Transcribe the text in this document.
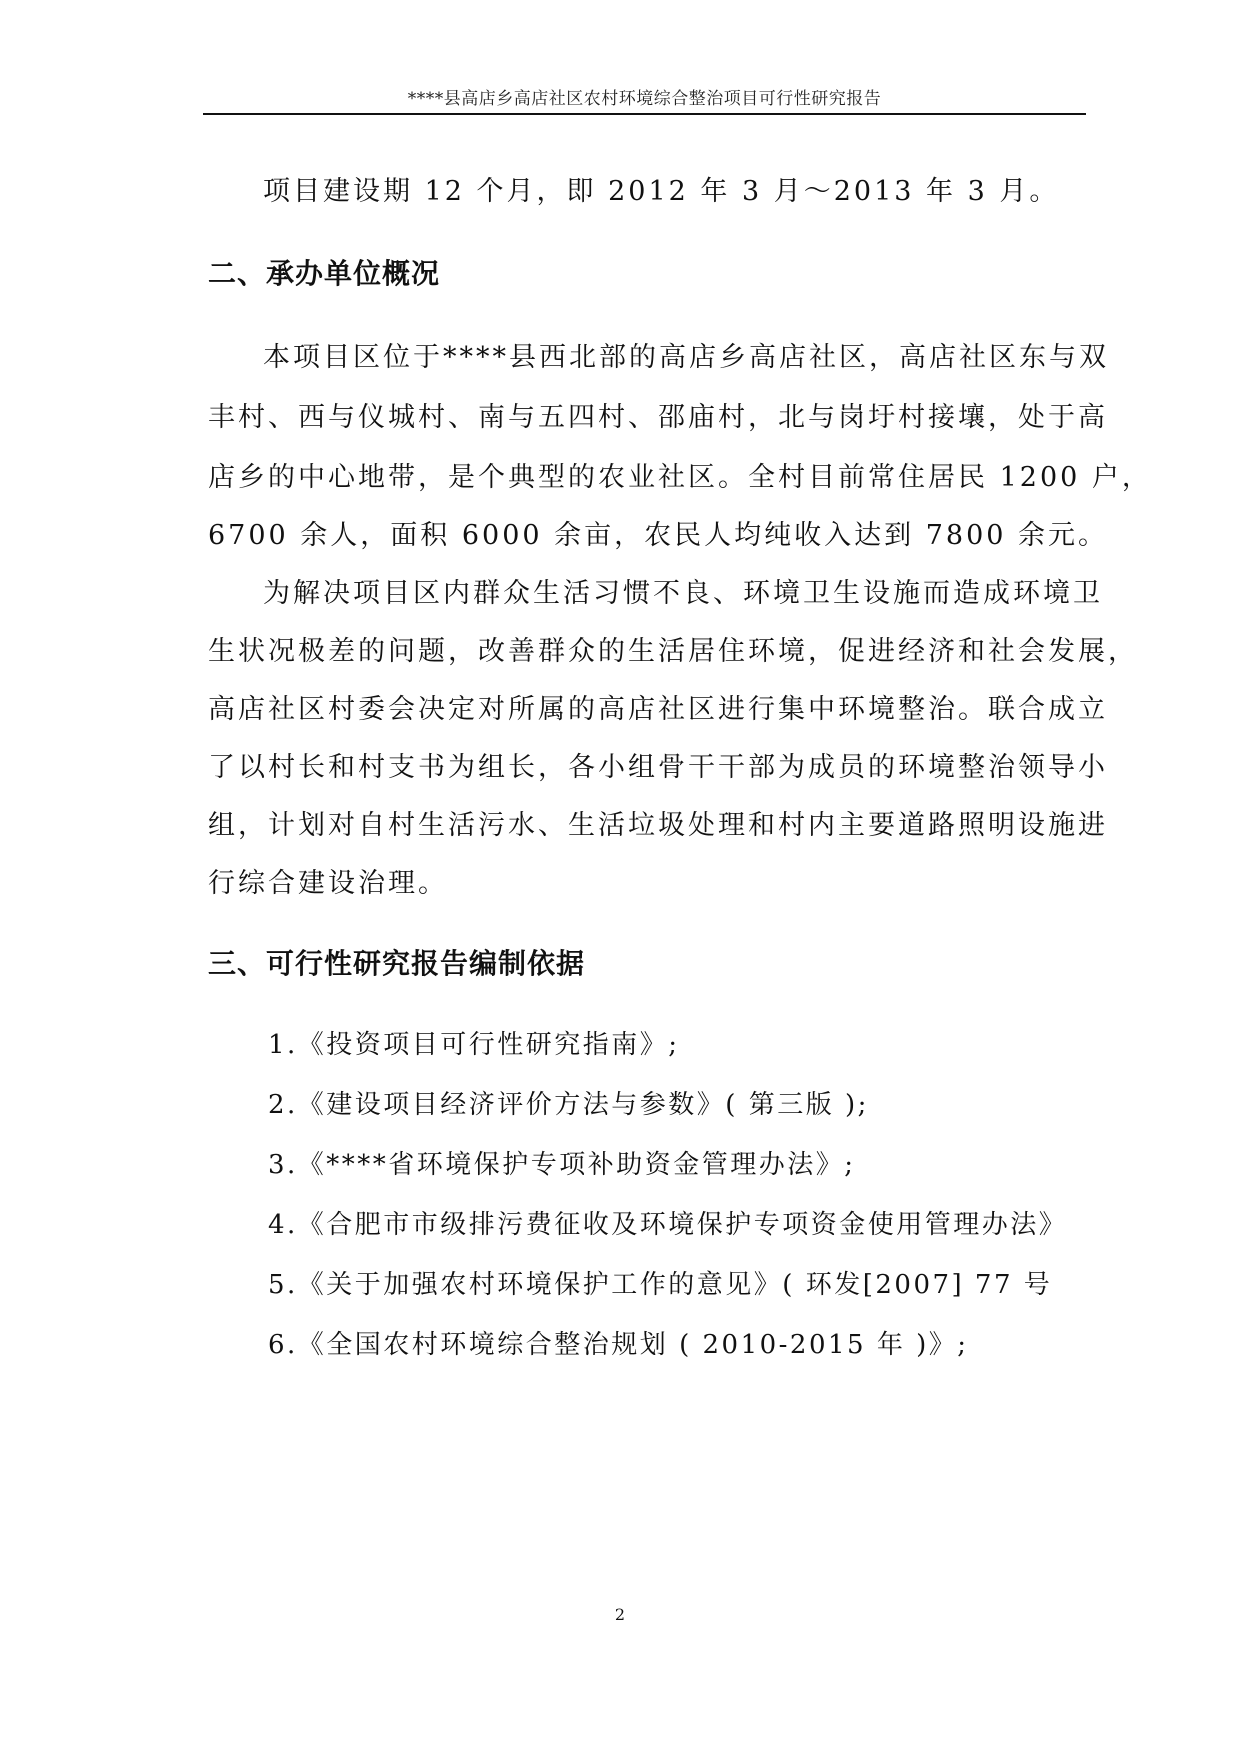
****县高店乡高店社区农村环境综合整治项目可行性研究报告
项目建设期 12 个月，即 2012 年 3 月～2013 年 3 月。
二、承办单位概况
本项目区位于****县西北部的高店乡高店社区，高店社区东与双
丰村、西与仪城村、南与五四村、邵庙村，北与岗圩村接壤，处于高
店乡的中心地带，是个典型的农业社区。全村目前常住居民 1200 户，
6700 余人，面积 6000 余亩，农民人均纯收入达到 7800 余元。
为解决项目区内群众生活习惯不良、环境卫生设施而造成环境卫
生状况极差的问题，改善群众的生活居住环境，促进经济和社会发展，
高店社区村委会决定对所属的高店社区进行集中环境整治。联合成立
了以村长和村支书为组长，各小组骨干干部为成员的环境整治领导小
组，计划对自村生活污水、生活垃圾处理和村内主要道路照明设施进
行综合建设治理。
三、可行性研究报告编制依据
1.《投资项目可行性研究指南》;
2.《建设项目经济评价方法与参数》( 第三版 );
3.《****省环境保护专项补助资金管理办法》;
4.《合肥市市级排污费征收及环境保护专项资金使用管理办法》
5.《关于加强农村环境保护工作的意见》( 环发[2007] 77 号
6.《全国农村环境综合整治规划 ( 2010-2015 年 )》;
2
